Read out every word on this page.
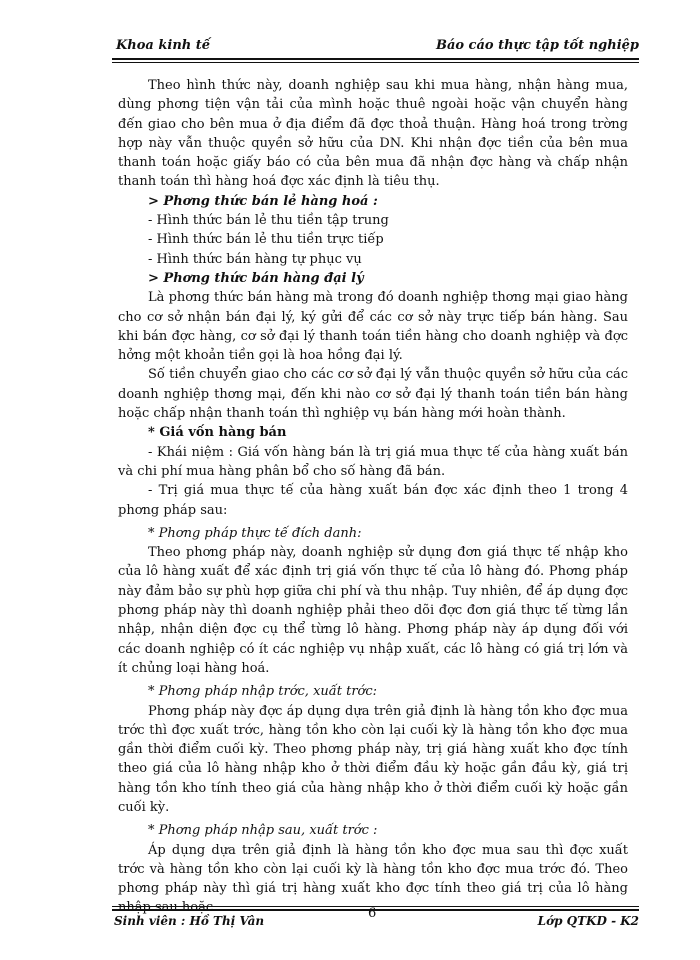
Khoa kinh tế	Báo cáo thực tập tốt nghiệp
Theo hình thức này, doanh nghiệp sau khi mua hàng, nhận hàng mua, dùng phơng tiện vận tải của mình hoặc thuê ngoài hoặc vận chuyển hàng đến giao cho bên mua ở địa điểm đã đợc thoả thuận. Hàng hoá trong trờng hợp này vẫn thuộc quyền sở hữu của DN. Khi nhận đợc tiền của bên mua thanh toán hoặc giấy báo có của bên mua đã nhận đợc hàng và chấp nhận thanh toán thì hàng hoá đợc xác định là tiêu thụ.
> Phơng thức bán lẻ hàng hoá :
- Hình thức bán lẻ thu tiền tập trung
- Hình thức bán lẻ thu tiền trực tiếp
- Hình thức bán hàng tự phục vụ
> Phơng thức bán hàng đại lý
Là phơng thức bán hàng mà trong đó doanh nghiệp thơng mại giao hàng cho cơ sở nhận bán đại lý, ký gửi để các cơ sở này trực tiếp bán hàng. Sau khi bán đợc hàng, cơ sở đại lý thanh toán tiền hàng cho doanh nghiệp và đợc hởng một khoản tiền gọi là hoa hồng đại lý.
Số tiền chuyển giao cho các cơ sở đại lý vẫn thuộc quyền sở hữu của các doanh nghiệp thơng mại, đến khi nào cơ sở đại lý thanh toán tiền bán hàng hoặc chấp nhận thanh toán thì nghiệp vụ bán hàng mới hoàn thành.
* Giá vốn hàng bán
- Khái niệm : Giá vốn hàng bán là trị giá mua thực tế của hàng xuất bán và chi phí mua hàng phân bổ cho số hàng đã bán.
- Trị giá mua thực tế của hàng xuất bán đợc xác định theo 1 trong 4 phơng pháp sau:
* Phơng pháp thực tế đích danh:
Theo phơng pháp này, doanh nghiệp sử dụng đơn giá thực tế nhập kho của lô hàng xuất để xác định trị giá vốn thực tế của lô hàng đó. Phơng pháp này đảm bảo sự phù hợp giữa chi phí và thu nhập. Tuy nhiên, để áp dụng đợc phơng pháp này thì doanh nghiệp phải theo dõi đợc đơn giá thực tế từng lần nhập, nhận diện đợc cụ thể từng lô hàng. Phơng pháp này áp dụng đối với các doanh nghiệp có ít các nghiệp vụ nhập xuất, các lô hàng có giá trị lớn và ít chủng loại hàng hoá.
* Phơng pháp nhập trớc, xuất trớc:
Phơng pháp này đợc áp dụng dựa trên giả định là hàng tồn kho đợc mua trớc thì đợc xuất trớc, hàng tồn kho còn lại cuối kỳ là hàng tồn kho đợc mua gần thời điểm cuối kỳ. Theo phơng pháp này, trị giá hàng xuất kho đợc tính theo giá của lô hàng nhập kho ở thời điểm đầu kỳ hoặc gần đầu kỳ, giá trị hàng tồn kho tính theo giá của hàng nhập kho ở thời điểm cuối kỳ hoặc gần cuối kỳ.
* Phơng pháp nhập sau, xuất trớc :
Áp dụng dựa trên giả định là hàng tồn kho đợc mua sau thì đợc xuất trớc và hàng tồn kho còn lại cuối kỳ là hàng tồn kho đợc mua trớc đó. Theo phơng pháp này thì giá trị hàng xuất kho đợc tính theo giá trị của lô hàng nhập sau hoặc
Sinh viên : Hồ Thị Vân	6	Lớp QTKD - K2
